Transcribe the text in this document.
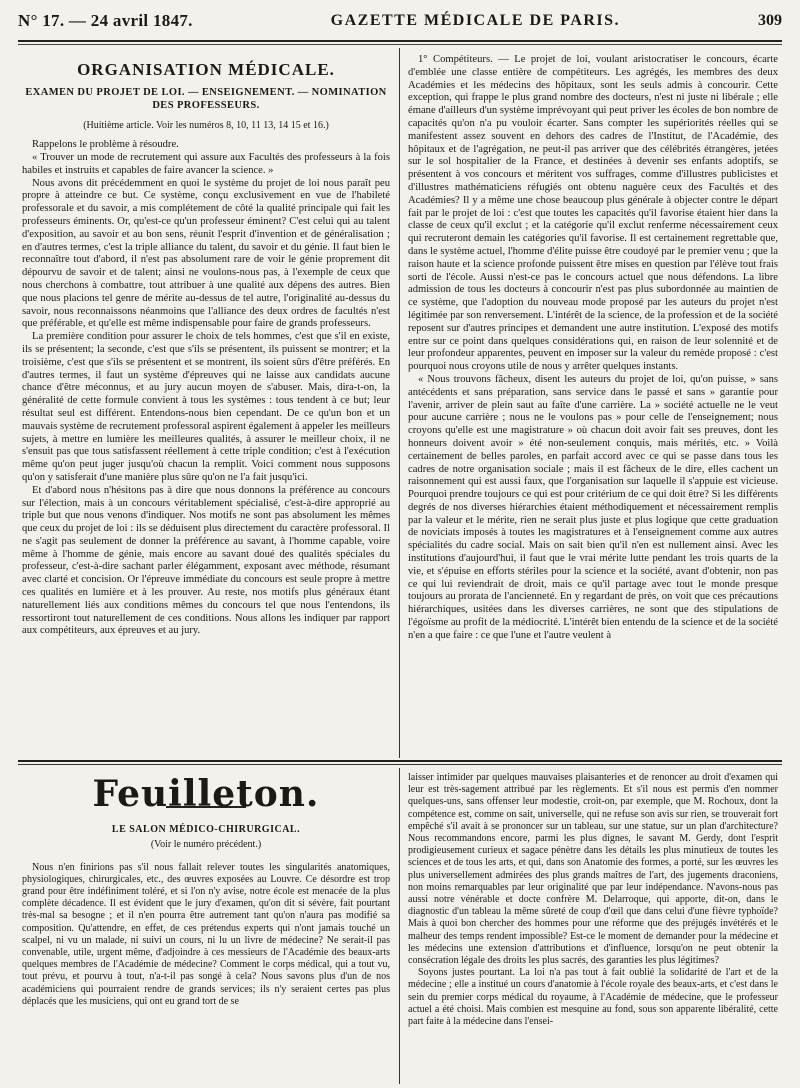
N° 17. — 24 avril 1847.	GAZETTE MÉDICALE DE PARIS.	309
ORGANISATION MÉDICALE.
EXAMEN DU PROJET DE LOI. — ENSEIGNEMENT. — NOMINATION DES PROFESSEURS.
(Huitième article. Voir les numéros 8, 10, 11 13, 14 15 et 16.)

Rappelons le problème à résoudre.

« Trouver un mode de recrutement qui assure aux Facultés des professeurs à la fois habiles et instruits et capables de faire avancer la science. »

Nous avons dit précédemment en quoi le système du projet de loi nous paraît peu propre à atteindre ce but. Ce système, conçu exclusivement en vue de l'habileté professorale et du savoir, a mis complétement de côté la qualité principale qui fait les professeurs éminents. Or, qu'est-ce qu'un professeur éminent? C'est celui qui au talent d'exposition, au savoir et au bon sens, réunit l'esprit d'invention et de généralisation ; en d'autres termes, c'est la triple alliance du talent, du savoir et du génie. Il faut bien le reconnaître tout d'abord, il n'est pas absolument rare de voir le génie proprement dit dépourvu de savoir et de talent; ainsi ne voulons-nous pas, à l'exemple de ceux que nous cherchons à combattre, tout attribuer à une qualité aux dépens des autres. Bien que nous placions tel genre de mérite au-dessus de tel autre, l'originalité au-dessus du savoir, nous reconnaissons néanmoins que l'alliance des deux ordres de facultés n'est que préférable, et qu'elle est même indispensable pour faire de grands professeurs.

La première condition pour assurer le choix de tels hommes, c'est que s'il en existe, ils se présentent; la seconde, c'est que s'ils se présentent, ils puissent se montrer; et la troisième, c'est que s'ils se présentent et se montrent, ils soient sûrs d'être préférés. En d'autres termes, il faut un système d'épreuves qui ne laisse aux candidats aucune chance d'être méconnus, et au jury aucun moyen de s'abuser. Mais, dira-t-on, la généralité de cette formule convient à tous les systèmes : tous tendent à ce but; leur résultat seul est différent. Entendons-nous bien cependant. De ce qu'un bon et un mauvais système de recrutement professoral aspirent également à appeler les meilleurs sujets, à mettre en lumière les meilleures qualités, à assurer le meilleur choix, il ne s'ensuit pas que tous satisfassent réellement à cette triple condition; c'est à l'exécution même qu'on peut juger jusqu'où chacun la remplit. Voici comment nous supposons qu'on y satisferait d'une manière plus sûre qu'on ne l'a fait jusqu'ici.

Et d'abord nous n'hésitons pas à dire que nous donnons la préférence au concours sur l'élection, mais à un concours véritablement spécialisé, c'est-à-dire approprié au triple but que nous venons d'indiquer. Nos motifs ne sont pas absolument les mêmes que ceux du projet de loi : ils se déduisent plus directement du caractère professoral. Il ne s'agit pas seulement de donner la préférence au savant, à l'homme capable, voire même à l'homme de génie, mais encore au savant doué des qualités spéciales du professeur, c'est-à-dire sachant parler élégamment, exposant avec méthode, résumant avec clarté et concision. Or l'épreuve immédiate du concours est seule propre à mettre ces qualités en lumière et à les prouver. Au reste, nos motifs plus généraux étant naturellement liés aux conditions mêmes du concours tel que nous l'entendons, ils ressortiront tout naturellement de ces conditions. Nous allons les indiquer par rapport aux compétiteurs, aux épreuves et au jury.

1° Compétiteurs. — Le projet de loi, voulant aristocratiser le concours, écarte d'emblée une classe entière de compétiteurs. Les agrégés, les membres des deux Académies et les médecins des hôpitaux, sont les seuls admis à concourir. Cette exception, qui frappe le plus grand nombre des docteurs, n'est ni juste ni libérale ; elle émane d'ailleurs d'un système imprévoyant qui peut priver les écoles de bon nombre de capacités qu'on n'a pu vouloir écarter. Sans compter les supériorités réelles qui se manifestent assez souvent en dehors des cadres de l'Institut, de l'Académie, des hôpitaux et de l'agrégation, ne peut-il pas arriver que des célébrités étrangères, jetées sur le sol hospitalier de la France, et destinées à devenir ses enfants adoptifs, se présentent à vos concours et méritent vos suffrages, comme d'illustres publicistes et d'illustres mathématiciens réfugiés ont obtenu naguère ceux des Facultés et des Académies? Il y a même une chose beaucoup plus générale à objecter contre le départ fait par le projet de loi : c'est que toutes les capacités qu'il favorise étaient hier dans la classe de ceux qu'il exclut ; et la catégorie qu'il exclut renferme nécessairement ceux qui recruteront demain les catégories qu'il favorise. Il est certainement regrettable que, dans le système actuel, l'homme d'élite puisse être coudoyé par le premier venu ; que la raison haute et la science profonde puissent être mises en question par l'élève tout frais sorti de l'école. Aussi n'est-ce pas le concours actuel que nous défendons. La libre admission de tous les docteurs à concourir n'est pas plus subordonnée au maintien de ce système, que l'adoption du nouveau mode proposé par les auteurs du projet n'est légitimée par son renversement. L'intérêt de la science, de la profession et de la société reposent sur d'autres principes et demandent une autre institution. L'exposé des motifs entre sur ce point dans quelques considérations qui, en raison de leur solennité et de leur profondeur apparentes, peuvent en imposer sur la valeur du remède proposé : c'est pourquoi nous croyons utile de nous y arrêter quelques instants.

« Nous trouvons fâcheux, disent les auteurs du projet de loi, qu'on puisse, » sans antécédents et sans préparation, sans service dans le passé et sans » garantie pour l'avenir, arriver de plein saut au faîte d'une carrière. La » société actuelle ne le veut pour aucune carrière ; nous ne le voulons pas » pour celle de l'enseignement; nous croyons qu'elle est une magistrature » où chacun doit avoir fait ses preuves, dont les honneurs doivent avoir » été non-seulement conquis, mais mérités, etc. » Voilà certainement de belles paroles, en parfait accord avec ce qui se passe dans tous les cadres de notre organisation sociale ; mais il est fâcheux de le dire, elles cachent un raisonnement qui est aussi faux, que l'organisation sur laquelle il s'appuie est vicieuse. Pourquoi prendre toujours ce qui est pour critérium de ce qui doit être? Si les différents degrés de nos diverses hiérarchies étaient méthodiquement et nécessairement remplis par la valeur et le mérite, rien ne serait plus juste et plus logique que cette graduation de noviciats imposés à toutes les magistratures et à l'enseignement comme aux autres spécialités du cadre social. Mais on sait bien qu'il n'en est nullement ainsi. Avec les institutions d'aujourd'hui, il faut que le vrai mérite lutte pendant les trois quarts de la vie, et s'épuise en efforts stériles pour la science et la société, avant d'obtenir, non pas ce qui lui reviendrait de droit, mais ce qu'il partage avec tout le monde presque toujours au prorata de l'ancienneté. En y regardant de près, on voit que ces précautions hiérarchiques, usitées dans les diverses carrières, ne sont que des stipulations de l'égoïsme au profit de la médiocrité. L'intérêt bien entendu de la science et de la société n'en a que faire : ce que l'une et l'autre veulent à

Feuilleton.
LE SALON MÉDICO-CHIRURGICAL.
(Voir le numéro précédent.)

Nous n'en finirions pas s'il nous fallait relever toutes les singularités anatomiques, physiologiques, chirurgicales, etc., des œuvres exposées au Louvre. Ce désordre est trop grand pour être indéfiniment toléré, et si l'on n'y avise, notre école est menacée de la plus complète décadence. Il est évident que le jury d'examen, qu'on dit si sévère, fait pourtant très-mal sa besogne ; et il n'en pourra être autrement tant qu'on n'aura pas modifié sa composition. Qu'attendre, en effet, de ces prétendus experts qui n'ont jamais touché un scalpel, ni vu un malade, ni suivi un cours, ni lu un livre de médecine? Ne serait-il pas convenable, utile, urgent même, d'adjoindre à ces messieurs de l'Académie des beaux-arts quelques membres de l'Académie de médecine? Comment le corps médical, qui a tout vu, tout prévu, et pourvu à tout, n'a-t-il pas songé à cela? Nous savons plus d'un de nos académiciens qui pourraient rendre de grands services; ils n'y seraient certes pas plus déplacés que les musiciens, qui ont eu grand tort de se

laisser intimider par quelques mauvaises plaisanteries et de renoncer au droit d'examen qui leur est très-sagement attribué par les règlements. Et s'il nous est permis d'en nommer quelques-uns, sans offenser leur modestie, croit-on, par exemple, que M. Rochoux, dont la compétence est, comme on sait, universelle, qui ne refuse son avis sur rien, se trouverait fort empêché s'il avait à se prononcer sur un tableau, sur une statue, sur un plan d'architecture? Nous recommandons encore, parmi les plus dignes, le savant M. Gerdy, dont l'esprit prodigieusement curieux et sagace pénètre dans les détails les plus minutieux de toutes les sciences et de tous les arts, et qui, dans son Anatomie des formes, a porté, sur les œuvres les plus universellement admirées des plus grands maîtres de l'art, des jugements draconiens, non moins remarquables par leur originalité que par leur indépendance. N'avons-nous pas aussi notre vénérable et docte confrère M. Delarroque, qui apporte, dit-on, dans le diagnostic d'un tableau la même sûreté de coup d'œil que dans celui d'une fièvre typhoïde? Mais à quoi bon chercher des hommes pour une réforme que des préjugés invétérés et le malheur des temps rendent impossible? Est-ce le moment de demander pour la médecine et les médecins une extension d'attributions et d'influence, lorsqu'on ne peut obtenir la consécration légale des droits les plus sacrés, des garanties les plus légitimes?

Soyons justes pourtant. La loi n'a pas tout à fait oublié la solidarité de l'art et de la médecine ; elle a institué un cours d'anatomie à l'école royale des beaux-arts, et c'est dans le sein du premier corps médical du royaume, à l'Académie de médecine, que le professeur actuel a été choisi. Mais combien est mesquine au fond, sous son apparente libéralité, cette part faite à la médecine dans l'ensei-
